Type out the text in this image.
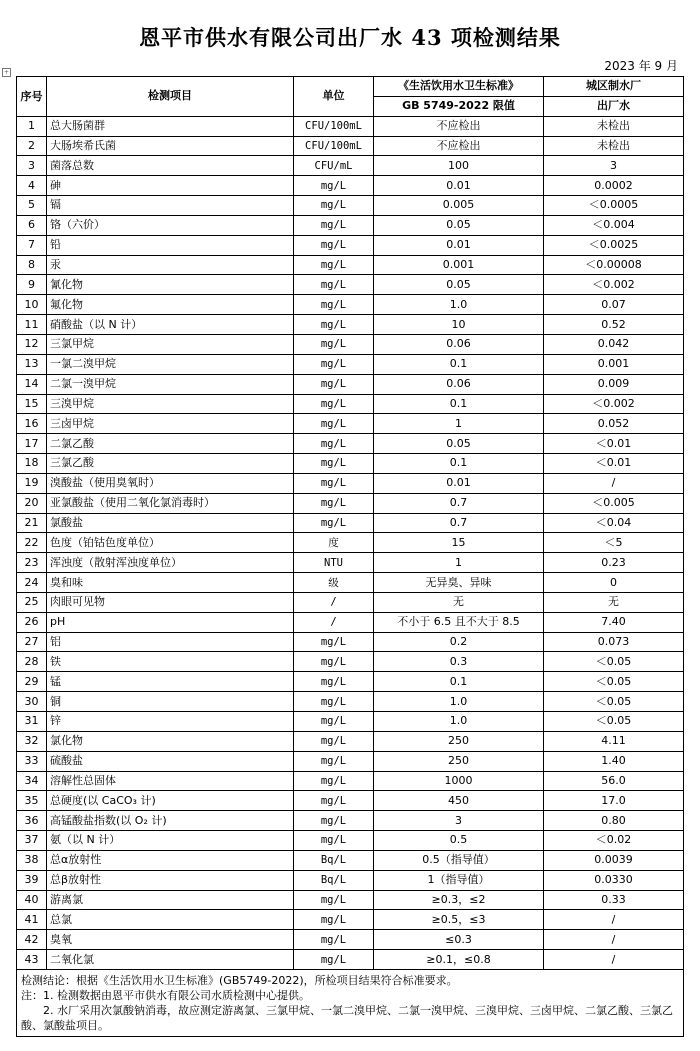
恩平市供水有限公司出厂水 43 项检测结果
2023 年 9 月
+
序号	检测项目	单位	《生活饮用水卫生标准》	城区制水厂
			GB 5749-2022 限值	出厂水
1	总大肠菌群	CFU/100mL	不应检出	未检出
2	大肠埃希氏菌	CFU/100mL	不应检出	未检出
3	菌落总数	CFU/mL	100	3
4	砷	mg/L	0.01	0.0002
5	镉	mg/L	0.005	＜0.0005
6	铬（六价）	mg/L	0.05	＜0.004
7	铅	mg/L	0.01	＜0.0025
8	汞	mg/L	0.001	＜0.00008
9	氰化物	mg/L	0.05	＜0.002
10	氟化物	mg/L	1.0	0.07
11	硝酸盐（以 N 计）	mg/L	10	0.52
12	三氯甲烷	mg/L	0.06	0.042
13	一氯二溴甲烷	mg/L	0.1	0.001
14	二氯一溴甲烷	mg/L	0.06	0.009
15	三溴甲烷	mg/L	0.1	＜0.002
16	三卤甲烷	mg/L	1	0.052
17	二氯乙酸	mg/L	0.05	＜0.01
18	三氯乙酸	mg/L	0.1	＜0.01
19	溴酸盐（使用臭氧时）	mg/L	0.01	/
20	亚氯酸盐（使用二氧化氯消毒时）	mg/L	0.7	＜0.005
21	氯酸盐	mg/L	0.7	＜0.04
22	色度（铂钴色度单位）	度	15	＜5
23	浑浊度（散射浑浊度单位）	NTU	1	0.23
24	臭和味	级	无异臭、异味	0
25	肉眼可见物	/	无	无
26	pH	/	不小于 6.5 且不大于 8.5	7.40
27	铝	mg/L	0.2	0.073
28	铁	mg/L	0.3	＜0.05
29	锰	mg/L	0.1	＜0.05
30	铜	mg/L	1.0	＜0.05
31	锌	mg/L	1.0	＜0.05
32	氯化物	mg/L	250	4.11
33	硫酸盐	mg/L	250	1.40
34	溶解性总固体	mg/L	1000	56.0
35	总硬度(以 CaCO₃ 计)	mg/L	450	17.0
36	高锰酸盐指数(以 O₂ 计)	mg/L	3	0.80
37	氨（以 N 计）	mg/L	0.5	＜0.02
38	总α放射性	Bq/L	0.5（指导值）	0.0039
39	总β放射性	Bq/L	1（指导值）	0.0330
40	游离氯	mg/L	≥0.3，≤2	0.33
41	总氯	mg/L	≥0.5，≤3	/
42	臭氧	mg/L	≤0.3	/
43	二氧化氯	mg/L	≥0.1，≤0.8	/

检测结论：根据《生活饮用水卫生标准》(GB5749-2022)，所检项目结果符合标准要求。
注：1. 检测数据由恩平市供水有限公司水质检测中心提供。
2. 水厂采用次氯酸钠消毒，故应测定游离氯、三氯甲烷、一氯二溴甲烷、二氯一溴甲烷、三溴甲烷、三卤甲烷、二氯乙酸、三氯乙酸、氯酸盐项目。				
